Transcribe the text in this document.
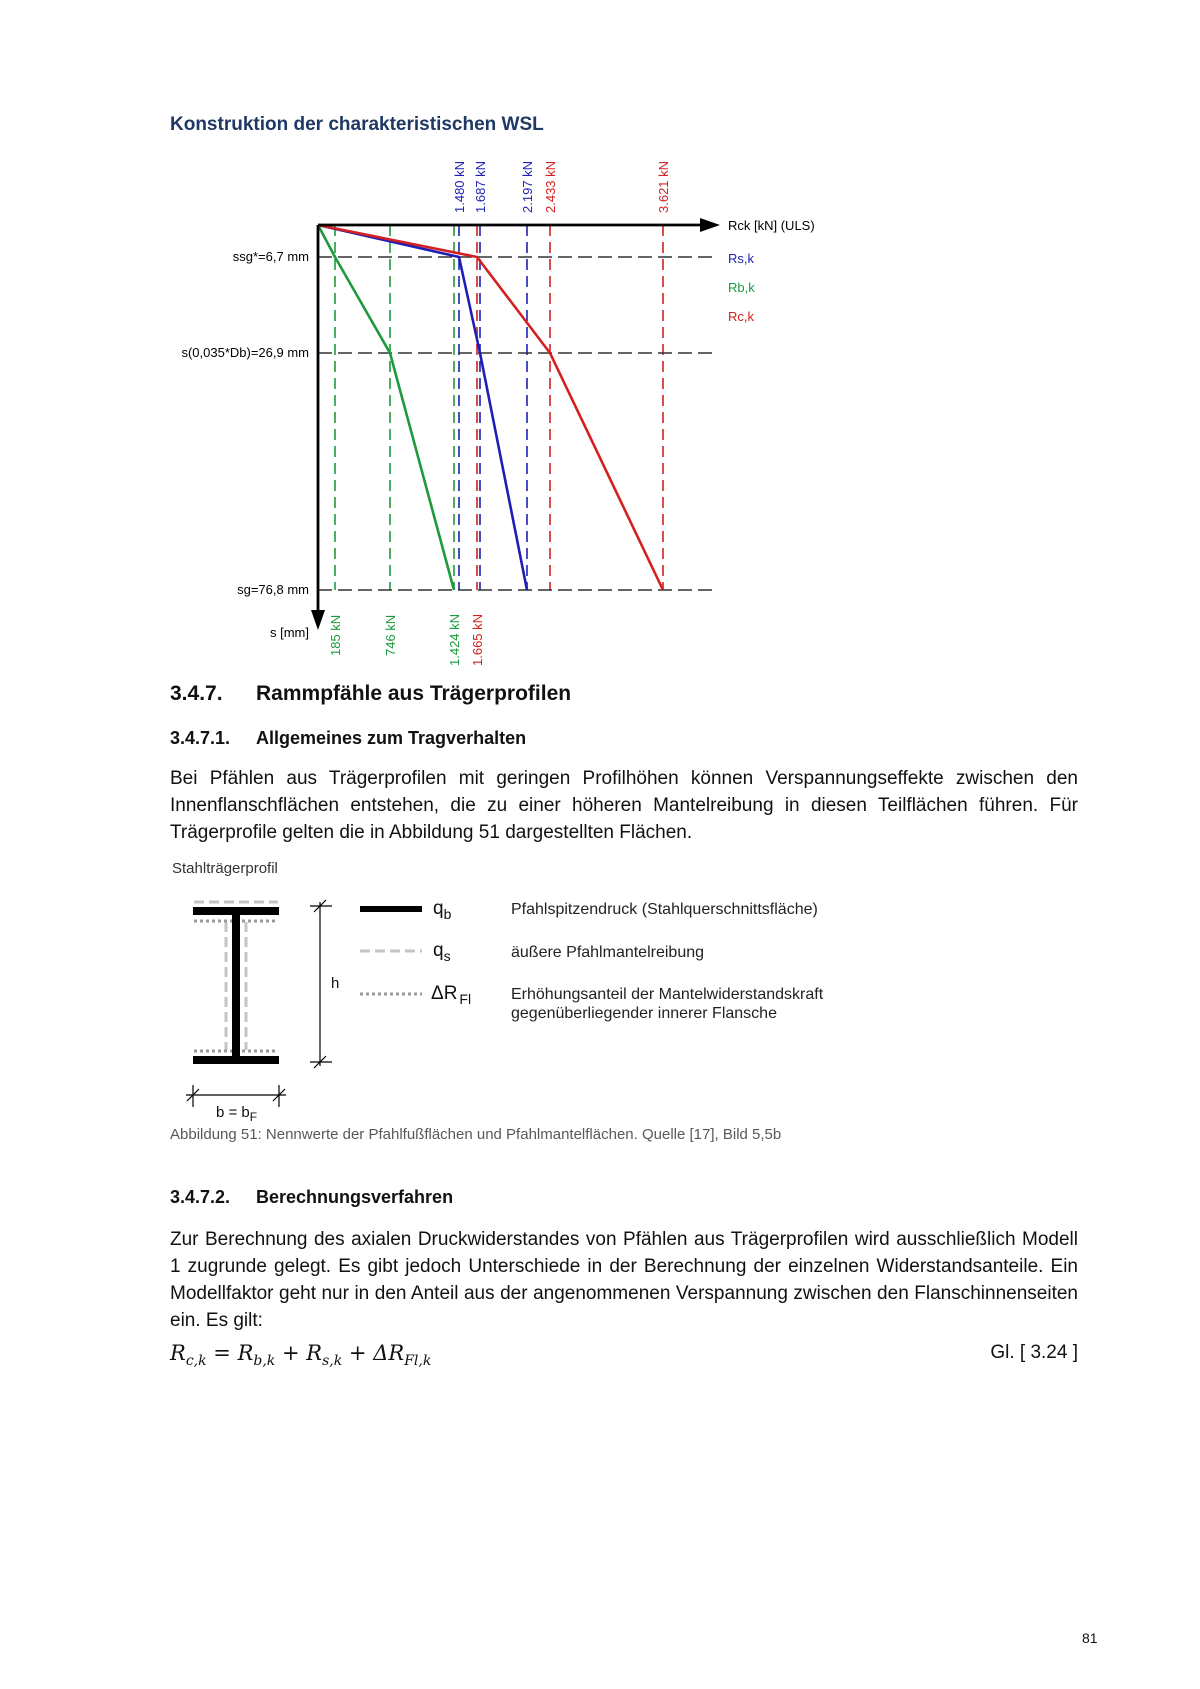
Konstruktion der charakteristischen WSL
Rck [kN] (ULS)
s [mm]
ssg*=6,7 mm
s(0,035*Db)=26,9 mm
sg=76,8 mm
Rs,k
Rb,k
Rc,k
1.480 kN 1.687 kN 2.197 kN 2.433 kN	3.621 kN
185 kN	746 kN	1.424 kN 1.665 kN
3.4.7. Rammpfähle aus Trägerprofilen
3.4.7.1. Allgemeines zum Tragverhalten
Bei Pfählen aus Trägerprofilen mit geringen Profilhöhen können Verspannungseffekte zwischen den Innenflanschflächen entstehen, die zu einer höheren Mantelreibung in diesen Teilflächen führen. Für Trägerprofile gelten die in Abbildung 51 dargestellten Flächen.
Stahlträgerprofil
h
$b = b_F$
$q_b$	Pfahlspitzendruck (Stahlquerschnittsfläche)
$q_s$	äußere Pfahlmantelreibung
ΔR $_{Fl}$ Erhöhungsanteil der Mantelwiderstandskraft
gegenüberliegender innerer Flansche
Abbildung 51: Nennwerte der Pfahlfußflächen und Pfahlmantelflächen. Quelle [17], Bild 5,5b
3.4.7.2. Berechnungsverfahren
Zur Berechnung des axialen Druckwiderstandes von Pfählen aus Trägerprofilen wird ausschließlich Modell 1 zugrunde gelegt. Es gibt jedoch Unterschiede in der Berechnung der einzelnen Widerstandsanteile. Ein Modellfaktor geht nur in den Anteil aus der angenommenen Verspannung zwischen den Flanschinnenseiten ein. Es gilt:
$R_{c,k} = R_{b,k} + R_{s,k} + \Delta R_{Fl,k}$	Gl. [ 3.24 ]
81
